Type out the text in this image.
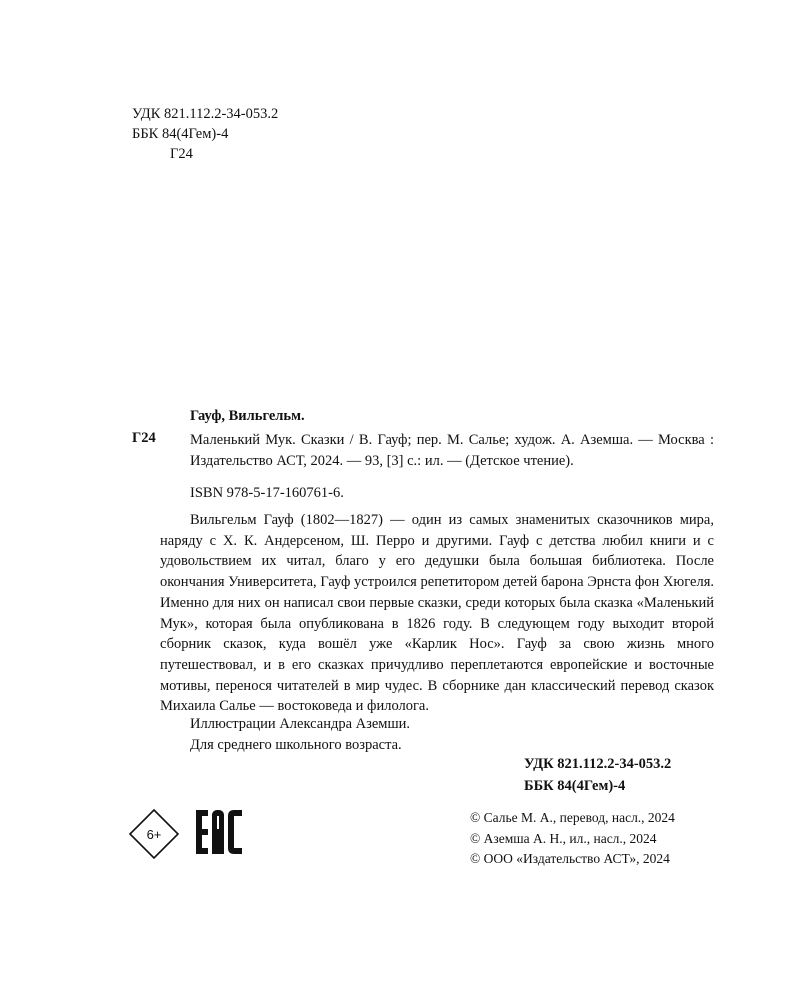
УДК 821.112.2-34-053.2
ББК 84(4Гем)-4
Г24
Гауф, Вильгельм.
Г24 Маленький Мук. Сказки / В. Гауф; пер. М. Салье; худож. А. Аземша. — Москва : Издательство АСТ, 2024. — 93, [3] с.: ил. — (Детское чтение).
ISBN 978-5-17-160761-6.
Вильгельм Гауф (1802—1827) — один из самых знаменитых сказочников мира, наряду с Х. К. Андерсеном, Ш. Перро и другими. Гауф с детства любил книги и с удовольствием их читал, благо у его дедушки была большая библиотека. После окончания Университета, Гауф устроился репетитором детей барона Эрнста фон Хюгеля. Именно для них он написал свои первые сказки, среди которых была сказка «Маленький Мук», которая была опубликована в 1826 году. В следующем году выходит второй сборник сказок, куда вошёл уже «Карлик Нос». Гауф за свою жизнь много путешествовал, и в его сказках причудливо переплетаются европейские и восточные мотивы, перенося читателей в мир чудес. В сборнике дан классический перевод сказок Михаила Салье — востоковеда и филолога.
Иллюстрации Александра Аземши.
Для среднего школьного возраста.
УДК 821.112.2-34-053.2
ББК 84(4Гем)-4
6+
© Салье М. А., перевод, насл., 2024
© Аземша А. Н., ил., насл., 2024
© ООО «Издательство АСТ», 2024
